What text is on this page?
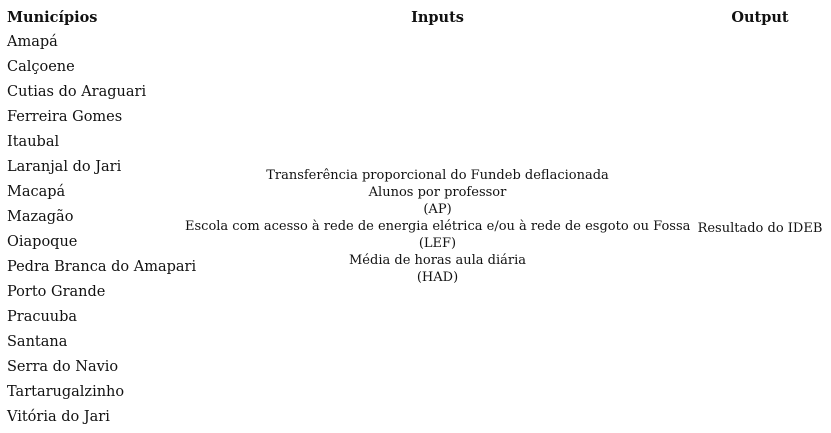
Municípios	Inputs	Output
Amapá
Calçoene
Cutias do Araguari
Ferreira Gomes
Itaubal
Laranjal do Jari
Macapá
Mazagão
Oiapoque
Pedra Branca do Amapari
Porto Grande
Pracuuba
Santana
Serra do Navio
Tartarugalzinho
Vitória do Jari
Transferência proporcional do Fundeb deflacionada
Alunos por professor
(AP)
Escola com acesso à rede de energia elétrica e/ou à rede de esgoto ou Fossa
(LEF)
Média de horas aula diária
(HAD)
Resultado do IDEB
